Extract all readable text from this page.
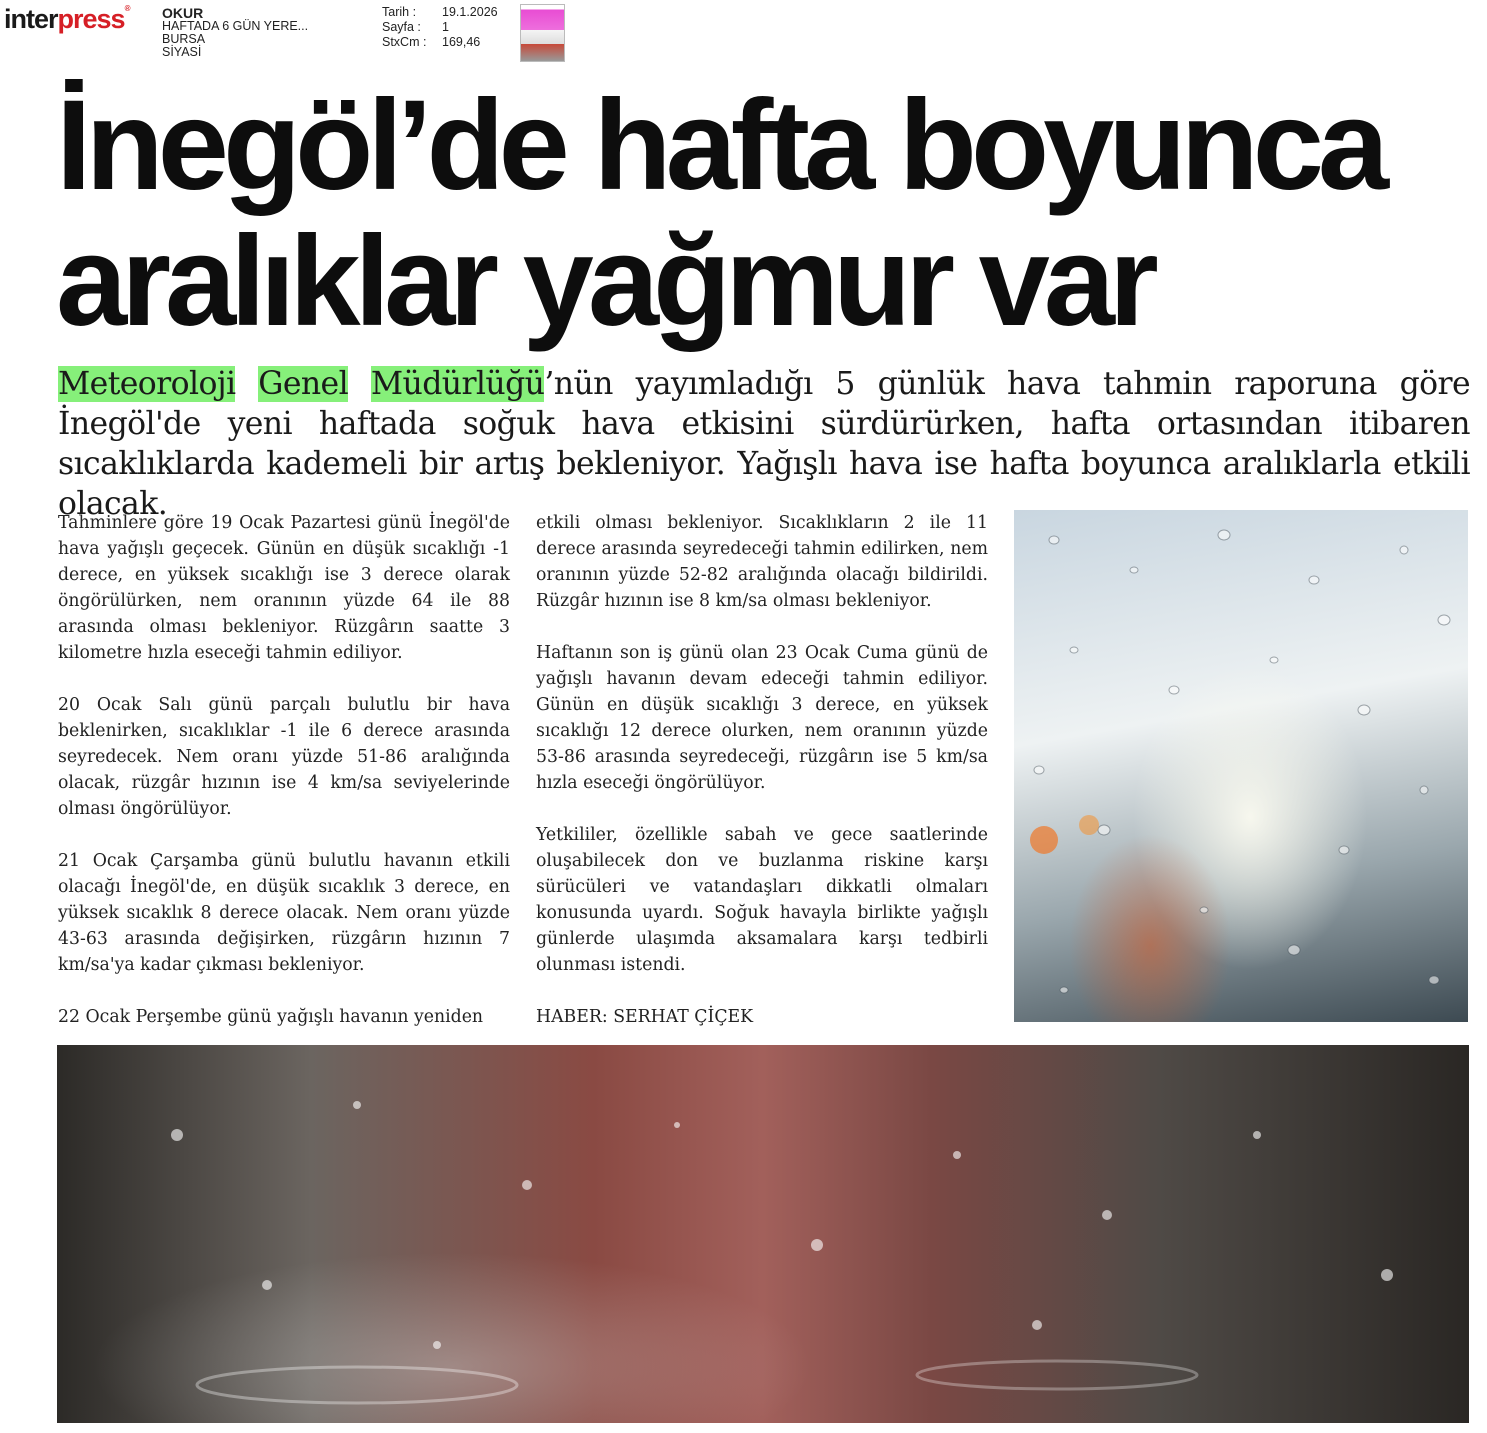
interpress® OKUR
HAFTADA 6 GÜN YERE...
BURSA
SİYASİ
Tarih :	19.1.2026
Sayfa :	1
StxCm :	169,46
İnegöl’de hafta boyunca aralıklar yağmur var

Meteoroloji Genel Müdürlüğü’nün yayımladığı 5 günlük hava tahmin raporuna göre İnegöl'de yeni haftada soğuk hava etkisini sürdürürken, hafta ortasından itibaren sıcaklıklarda kademeli bir artış bekleniyor. Yağışlı hava ise hafta boyunca aralıklarla etkili olacak.

Tahminlere göre 19 Ocak Pazartesi günü İnegöl'de hava yağışlı geçecek. Günün en düşük sıcaklığı -1 derece, en yüksek sıcaklığı ise 3 derece olarak öngörülürken, nem oranının yüzde 64 ile 88 arasında olması bekleniyor. Rüzgârın saatte 3 kilometre hızla eseceği tahmin ediliyor.

20 Ocak Salı günü parçalı bulutlu bir hava beklenirken, sıcaklıklar -1 ile 6 derece arasında seyredecek. Nem oranı yüzde 51-86 aralığında olacak, rüzgâr hızının ise 4 km/sa seviyelerinde olması öngörülüyor.

21 Ocak Çarşamba günü bulutlu havanın etkili olacağı İnegöl'de, en düşük sıcaklık 3 derece, en yüksek sıcaklık 8 derece olacak. Nem oranı yüzde 43-63 arasında değişirken, rüzgârın hızının 7 km/sa'ya kadar çıkması bekleniyor.

22 Ocak Perşembe günü yağışlı havanın yeniden

etkili olması bekleniyor. Sıcaklıkların 2 ile 11 derece arasında seyredeceği tahmin edilirken, nem oranının yüzde 52-82 aralığında olacağı bildirildi. Rüzgâr hızının ise 8 km/sa olması bekleniyor.

Haftanın son iş günü olan 23 Ocak Cuma günü de yağışlı havanın devam edeceği tahmin ediliyor. Günün en düşük sıcaklığı 3 derece, en yüksek sıcaklığı 12 derece olurken, nem oranının yüzde 53-86 arasında seyredeceği, rüzgârın ise 5 km/sa hızla eseceği öngörülüyor.

Yetkililer, özellikle sabah ve gece saatlerinde oluşabilecek don ve buzlanma riskine karşı sürücüleri ve vatandaşları dikkatli olmaları konusunda uyardı. Soğuk havayla birlikte yağışlı günlerde ulaşımda aksamalara karşı tedbirli olunması istendi.

HABER: SERHAT ÇİÇEK
